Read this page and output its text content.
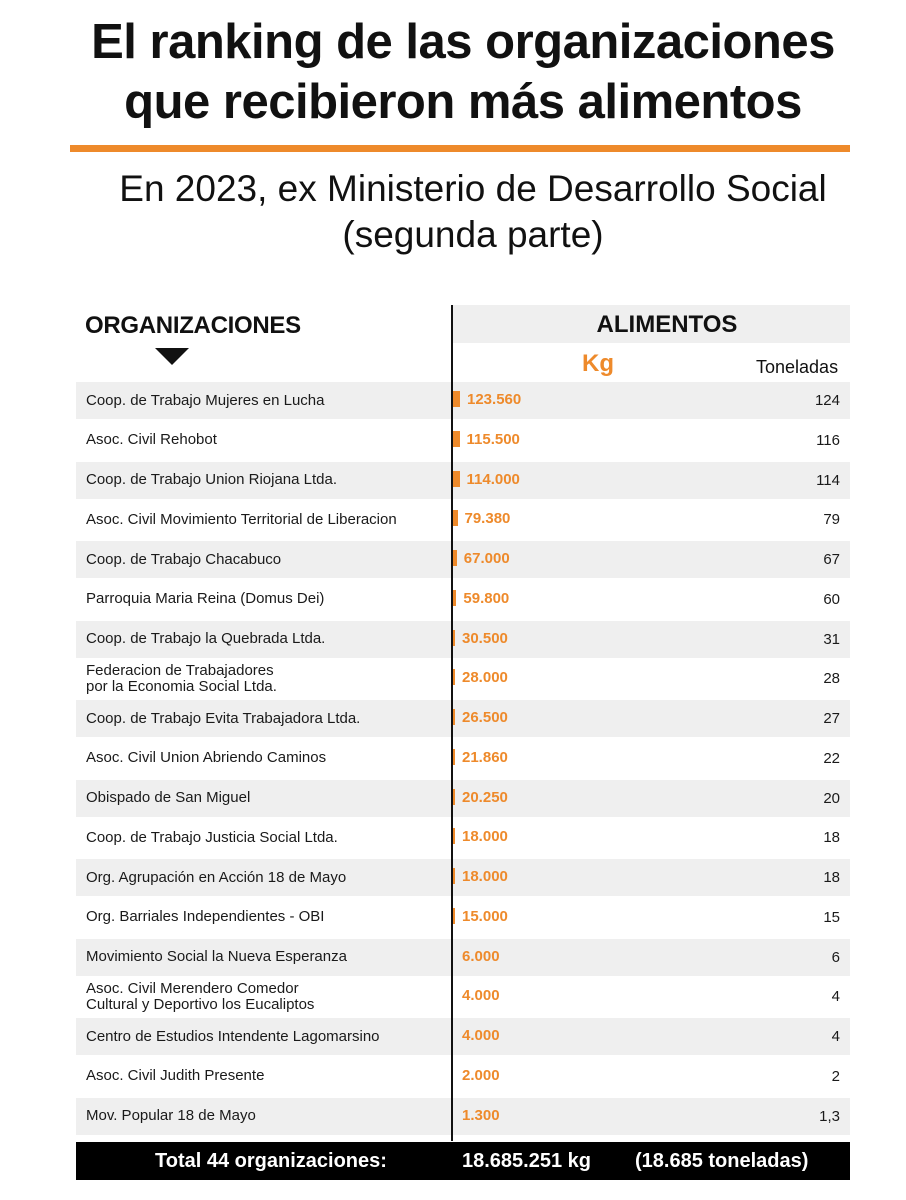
El ranking de las organizaciones
que recibieron más alimentos
En 2023, ex Ministerio de Desarrollo Social
(segunda parte)
ORGANIZACIONES	ALIMENTOS
Kg	Toneladas
Coop. de Trabajo Mujeres en Lucha	123.560	124
Asoc. Civil Rehobot	115.500	116
Coop. de Trabajo Union Riojana Ltda.	114.000	114
Asoc. Civil Movimiento Territorial de Liberacion	79.380	79
Coop. de Trabajo Chacabuco	67.000	67
Parroquia Maria Reina (Domus Dei)	59.800	60
Coop. de Trabajo la Quebrada Ltda.	30.500	31
Federacion de Trabajadores
por la Economia Social Ltda.	28.000	28
Coop. de Trabajo Evita Trabajadora Ltda.	26.500	27
Asoc. Civil Union Abriendo Caminos	21.860	22
Obispado de San Miguel	20.250	20
Coop. de Trabajo Justicia Social Ltda.	18.000	18
Org. Agrupación en Acción 18 de Mayo	18.000	18
Org. Barriales Independientes - OBI	15.000	15
Movimiento Social la Nueva Esperanza	6.000	6
Asoc. Civil Merendero Comedor
Cultural y Deportivo los Eucaliptos	4.000	4
Centro de Estudios Intendente Lagomarsino	4.000	4
Asoc. Civil Judith Presente	2.000	2
Mov. Popular 18 de Mayo	1.300	1,3
Total 44 organizaciones:	18.685.251 kg (18.685 toneladas)
